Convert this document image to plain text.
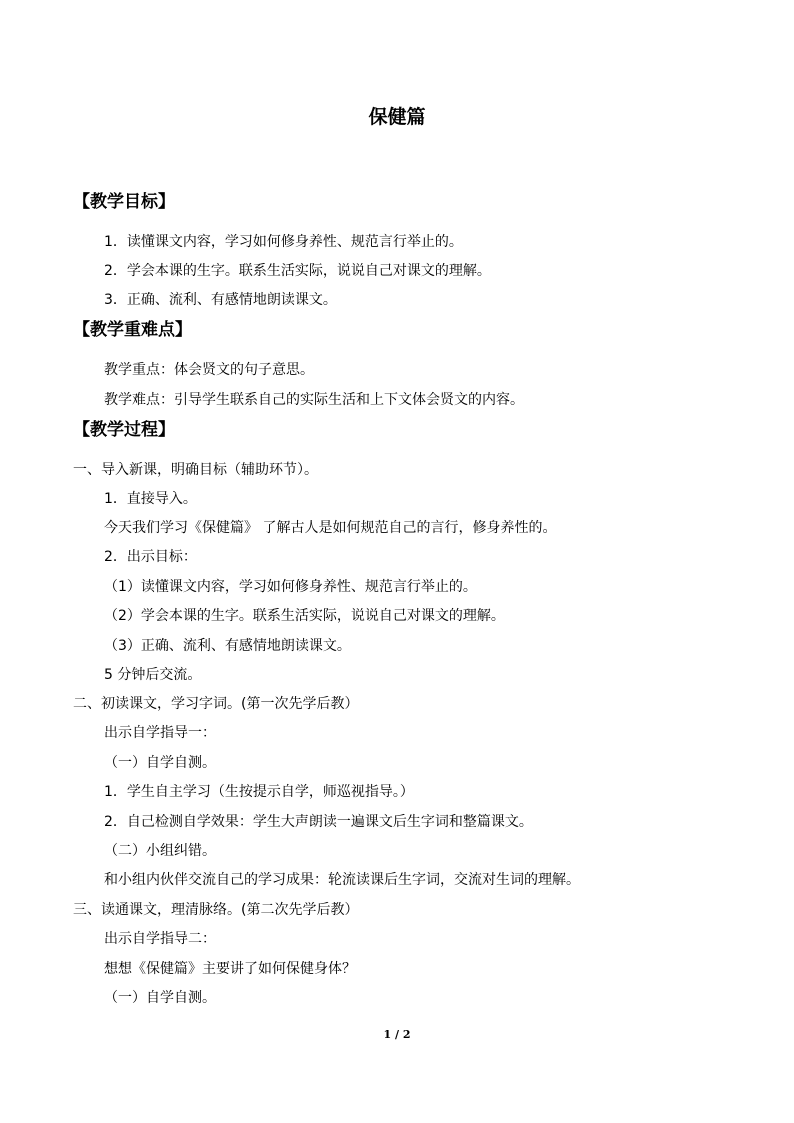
保健篇
【教学目标】
1．读懂课文内容，学习如何修身养性、规范言行举止的。
2．学会本课的生字。联系生活实际，说说自己对课文的理解。
3．正确、流利、有感情地朗读课文。
【教学重难点】
教学重点：体会贤文的句子意思。
教学难点：引导学生联系自己的实际生活和上下文体会贤文的内容。
【教学过程】
一、导入新课，明确目标（辅助环节）。
1．直接导入。
今天我们学习《保健篇》 了解古人是如何规范自己的言行，修身养性的。
2．出示目标：
（1）读懂课文内容，学习如何修身养性、规范言行举止的。
（2）学会本课的生字。联系生活实际，说说自己对课文的理解。
（3）正确、流利、有感情地朗读课文。
5 分钟后交流。
二、初读课文，学习字词。(第一次先学后教）
出示自学指导一：
（一）自学自测。
1．学生自主学习（生按提示自学，师巡视指导。）
2．自己检测自学效果：学生大声朗读一遍课文后生字词和整篇课文。
（二）小组纠错。
和小组内伙伴交流自己的学习成果：轮流读课后生字词，交流对生词的理解。
三、读通课文，理清脉络。(第二次先学后教）
出示自学指导二：
想想《保健篇》主要讲了如何保健身体？
（一）自学自测。
1 / 2
